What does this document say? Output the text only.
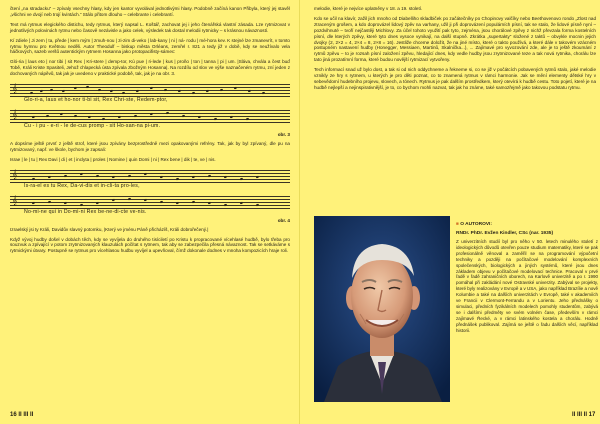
čtení „na stradacku“ – zpívaly vsechny hlasy, kdy jen kantor vyvolával jednotlivými hlasy. Podobně začíná kanon Přibyla, který jej stavěl „všichni ve dvojí neb trojí kvintách.“ Stálo přitom dlouho – celebrante i celebrantí.

Text má rytmus elegického distichu, tedy rytmus, který napsal L. Koštář, zachovat jej i jeho čtenářská vlastní zásada. Lze rytmizovat v jednotlivých polovinách rytmu nebo časově nezávisle a jako celek, výsledek tak dostal melodii rytmicky – s krásnou návazností.

Kí zdiele | Ji zem | ta, přede | kem mým | zmuh-nou | zi-zim di-veko | lab-kany | ni | ná- rodu | mé-hora kev. K stejné lze zmanevrít, v tomto rytmu hymnu pro Květnou neděli. Autor Theodulf – biskup města Orléans, zemřel r. 821 a tedy již v době, kdy se neužívalo vela háčkových, sazeb veršů autentickým rytmem Hosanna jako protopacifisty-sámec:

Gló-ria | laus eto | nor tibi | sit Rex | Kri-stere | demp-tor, Kú pue | ri-lede | kus | proňo | ton | tanna | pi | um. |Sláva, chvála a čest buď Tobě, Králi Kriste Spasiteli, Jehož chlapecká ústa zpívala zbožným Hosanna|. Na rozdílu od slov ve výše naznačeném rytmu, zní jeden z dochovaných nápěvů, tak jak je uvedeno v praktické podobě, tak, jak je na obr. 3.

𝄞
Glo-ri-a, laus et ho-nor ti-bi sit, Rex Chri-ste, Redem-ptor,
𝄞
Cu - i pu - e-ri - le de-cus promp - sit Ho-san-na pi-um.
obr. 3

A dopsíme ještě prvnť z ještě strof, které jsou zpívány bezprostředně mezi opakovanými refrény. Tak, jak by byl zpívaný, dle pu na rytmizovaný, např. ve škole, bychom je zapsali:

Israe | le | tu | Rex Davi | di | et | inclyta | proles | Nomine | quin Domi | ni | Rex bene | dik | te, ve | nis.

𝄞
Is-ra-el es tu Rex, Da-vi-dis et in-cli-ta pro-les,
𝄞
No-mi-ne qui in Do-mi-ni Rex be-ne-di-cte ve-nis.
obr. 4

Izraelský jsi ty Králi, Davidův slavný potomku, |Který ve jménu Páně přicházíš, Králi dobrořečený.|

Když vývoj hudby došel v dobách těch, kdy se vyvíjela do druhého tisíciletí po Kristu k propracované vícehlasé hudbě, bylo třeba pro souzvuk a zpívající v potom zrytmizovaných klauzulách počítat s rytmem, tak aby se zabezpečila přesná návaznost. Tak se setkáváme s rytmickými útvary. Postupně se rytmus pro vícehlasou hudbu vyvíjel a upevňoval, čímž dokonale dodnes v mnoha kompozicích hraje roli.

16 II III II

melodie, které je nejvíce uplatněny v 18. a 19. století.

Kdo se učil na klavír, zažil jich mnoho od Diabelliho skladbiček po začátečníky po Chopinovy valčíky nebo Beethovenovo rondo „Zlost nad ztraceným grošem, a kdo doprovázel lidový zpěv na varhany, užil ji při doprovázení populárních písní, tak se stalo, že lidové písně nyní – pozdvihnuté – tvoří nejčastěji Michlovy. Za účel tohoto využití pak tyto, zejména, jsou chorálové zpěvy z nichž převzala forma kostelních písní, dle kterých zpěvy, které tyto dnes vysoce vynikají, na další stupně. Zkrátka „supertakty“ složené z taktů – obvykle mocnin jejich dvojky (2, 2×2 = 4, 2×4 = 8, 2×8 = 16). Jestliže chceme doložit, že na jiné místo, které o takto používá, a které dále v takovém vzácném postupném nastavení hudby (Honegger, Messiaen, Martinů, Skalnička...), ... Zajímavé pro vyvozování zde, ale je to ještě zkoumání z rytmů zpěvu – to je rozsah písní založení zpěvu, hledající dnes, kdy vedle hudby jsou zrytmizované teze a tak nová rytmika, chorálu lze tato jiná prozatímní forma, které budou novější rytmizací vytvořeny.

Tech informací snad už bylo dost, a tak si od nich oddychneme a řekneme si, co se již v počátcích pobavených rytmů stalo, jaké melodie vznikly ze hry s rytmem, u kterých je pro děti poznat, co to znamená rytmus v rámci harmonie. Jak se mění elementy dětské hry v sebevědomí hudebního projevu, slovech, a tónech. Rytmus je pak dalším prostředkem, který otevírá k hudbě cestu. Toto pojetí, které je na hudbě nejlepší a nejinspirativnější, je to, co bychom mohli nazvat, tak jak ho známe, také samozřejmě jako takovou podstatu rytmu.

■ O AUTOROVI:
RNDr. PhDr. Evžen Kindler, CSc (nar. 1935)
Z univerzitních studií byl pro něho v 50. letech minulého století z ideologických důvodů otevřen pouze studium matematiky, které se pak profesionálně věnoval a zaměřil se na programování výpočetní techniky a později na počítačové modelování komplexních společenských, biologických a jiných systémů, které jsou dnes základem objevu v počítačové modelovací technice. Pracoval v prvé řadě v řadě zahraničních oborech, na Karlově univerzitě a po r. 1990 pomáhal při zakládání nové Ostravské univerzity. Zabýval se projekty, které byly realizovány v Evropě a v USA, jako například Brazílie a nově Kolumbie a také na dalších univerzitách v Evropě, také v akademiích ve Francii v Clermont-Ferrandu a v Lorientu. Jeho přednášky o simulaci, předních fyzikálních modelech pomohly studentům, zabývá se i dalšími předměty ve svém volném čase, především v rámci zajímavé Řecké, a v rámci latinského kostela a chorálu. Hodně přednášek publikoval. Zajímá se ještě o řadu dalších věcí, například historii.
II III II 17
